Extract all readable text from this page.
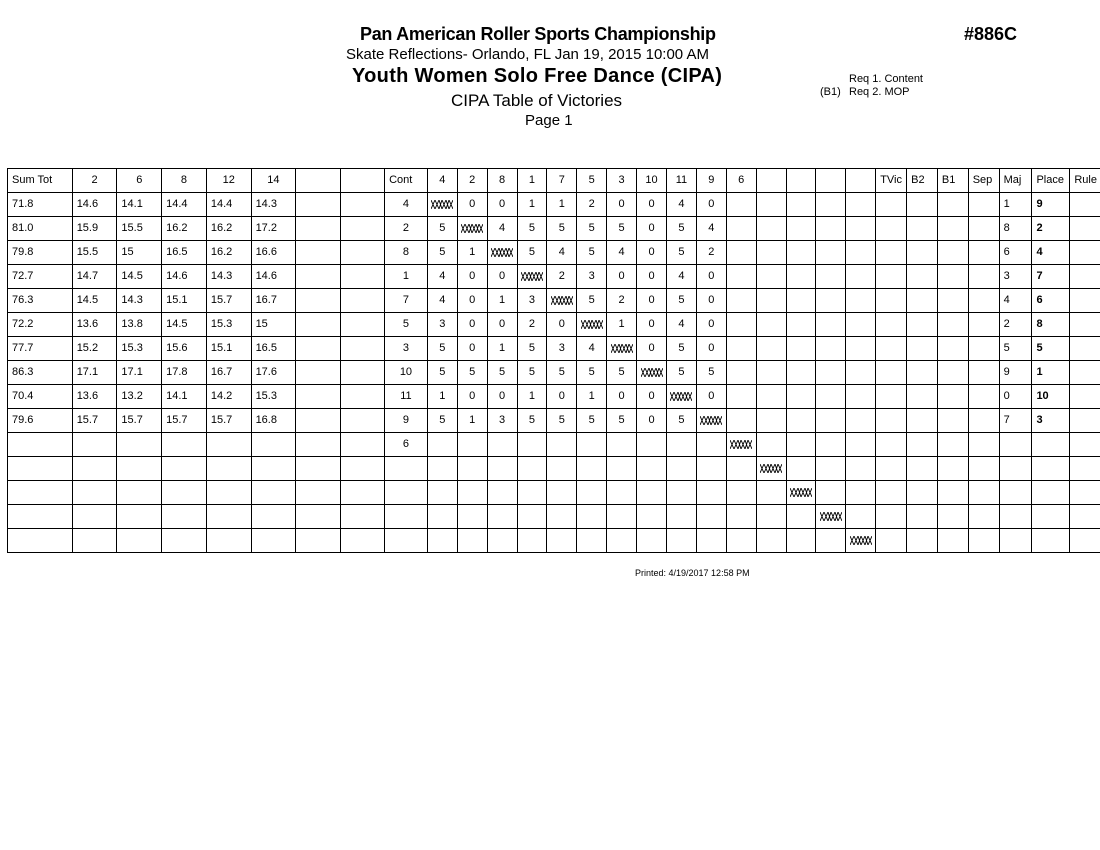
Pan American Roller Sports Championship	#886C
Skate Reflections- Orlando, FL Jan 19, 2015 10:00 AM
Youth Women Solo Free Dance (CIPA)
CIPA Table of Victories
Page 1
Req 1. Content
(B1) Req 2. MOP
Sum Tot	2	6	8	12	14			Cont	4	2	8	1	7	5	3	10	11	9	6					TVic	B2	B1	Sep	Maj	Place	Rule
71.8	14.6	14.1	14.4	14.4	14.3			4		0	0	1	1	2	0	0	4	0										1	9	
81.0	15.9	15.5	16.2	16.2	17.2			2	5		4	5	5	5	5	0	5	4										8	2	
79.8	15.5	15	16.5	16.2	16.6			8	5	1		5	4	5	4	0	5	2										6	4	
72.7	14.7	14.5	14.6	14.3	14.6			1	4	0	0		2	3	0	0	4	0										3	7	
76.3	14.5	14.3	15.1	15.7	16.7			7	4	0	1	3		5	2	0	5	0										4	6	
72.2	13.6	13.8	14.5	15.3	15			5	3	0	0	2	0		1	0	4	0										2	8	
77.7	15.2	15.3	15.6	15.1	16.5			3	5	0	1	5	3	4		0	5	0										5	5	
86.3	17.1	17.1	17.8	16.7	17.6			10	5	5	5	5	5	5	5		5	5										9	1	
70.4	13.6	13.2	14.1	14.2	15.3			11	1	0	0	1	0	1	0	0		0										0	10	
79.6	15.7	15.7	15.7	15.7	16.8			9	5	1	3	5	5	5	5	0	5											7	3	
								6																						

Printed: 4/19/2017 12:58 PM
